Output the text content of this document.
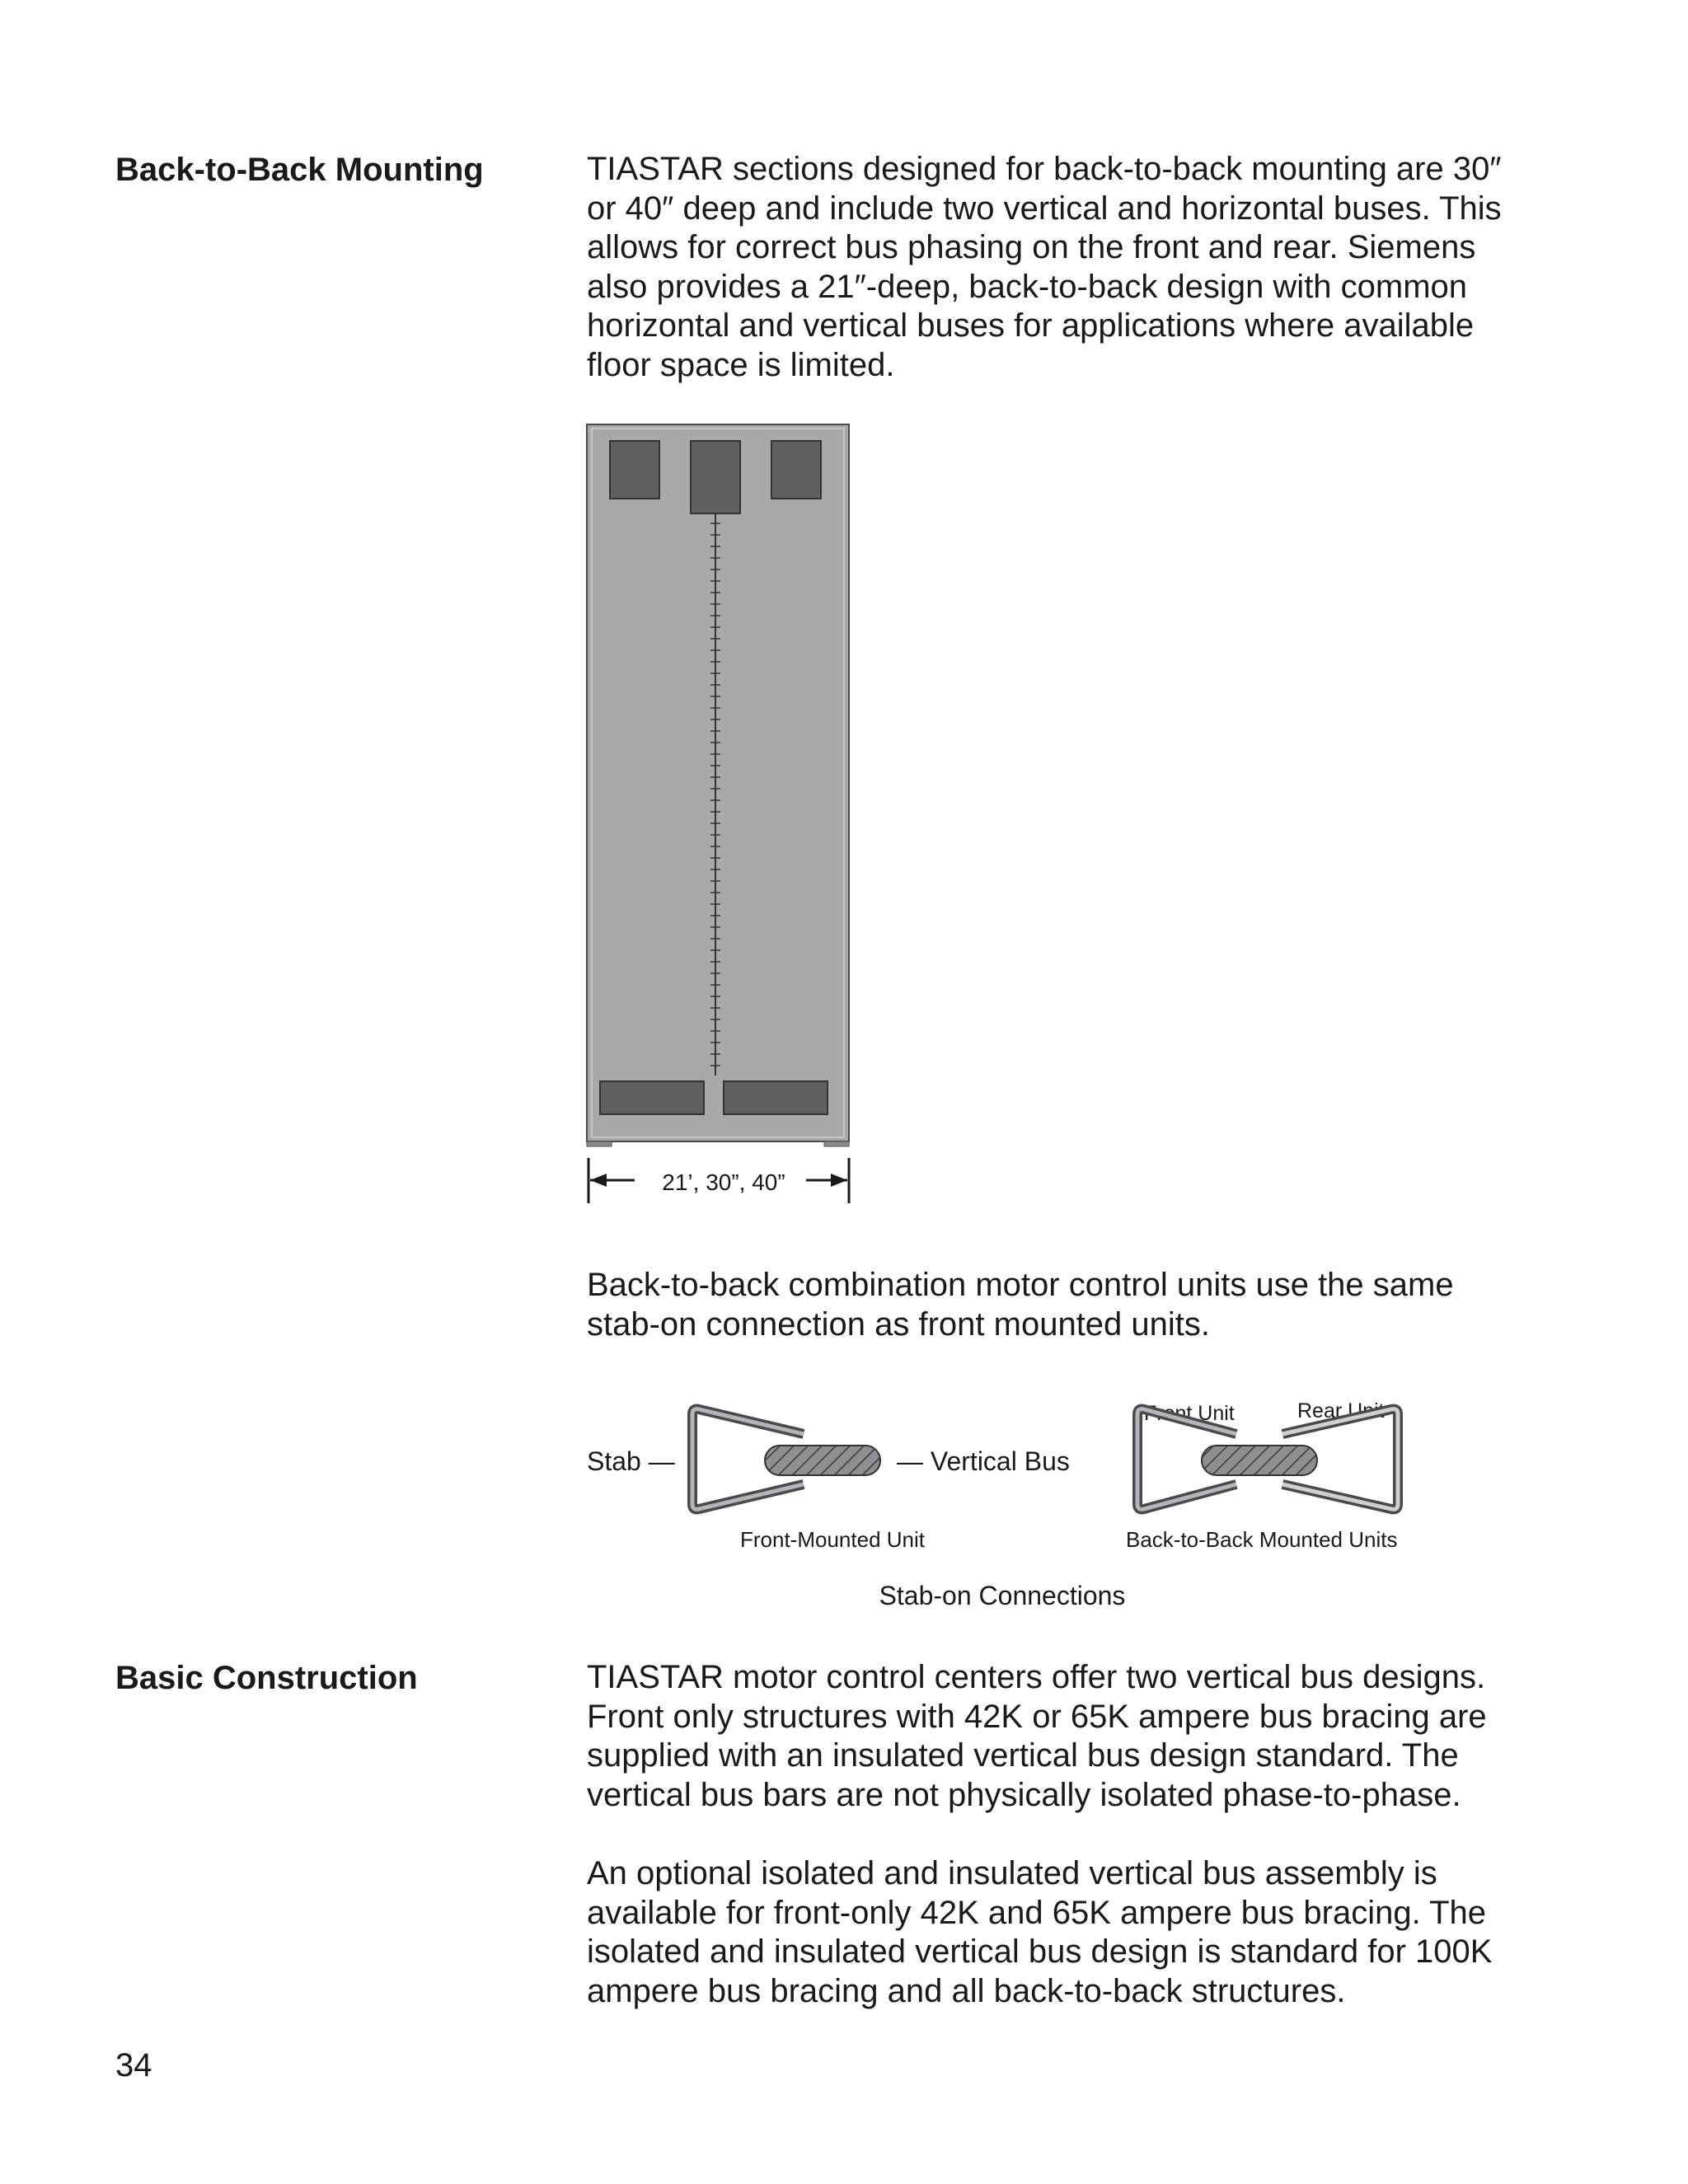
Back-to-Back Mounting	TIASTAR sections designed for back-to-back mounting are 30″
or 40″ deep and include two vertical and horizontal buses. This
allows for correct bus phasing on the front and rear. Siemens
also provides a 21″-deep, back-to-back design with common
horizontal and vertical buses for applications where available
floor space is limited.

21’, 30”, 40”

Back-to-back combination motor control units use the same
stab-on connection as front mounted units.

Stab —	— Vertical Bus
Front Unit	Rear Unit
Front-Mounted Unit	Back-to-Back Mounted Units
Stab-on Connections
Basic Construction	TIASTAR motor control centers offer two vertical bus designs.
Front only structures with 42K or 65K ampere bus bracing are
supplied with an insulated vertical bus design standard. The
vertical bus bars are not physically isolated phase-to-phase.

An optional isolated and insulated vertical bus assembly is
available for front-only 42K and 65K ampere bus bracing. The
isolated and insulated vertical bus design is standard for 100K
ampere bus bracing and all back-to-back structures.

34
